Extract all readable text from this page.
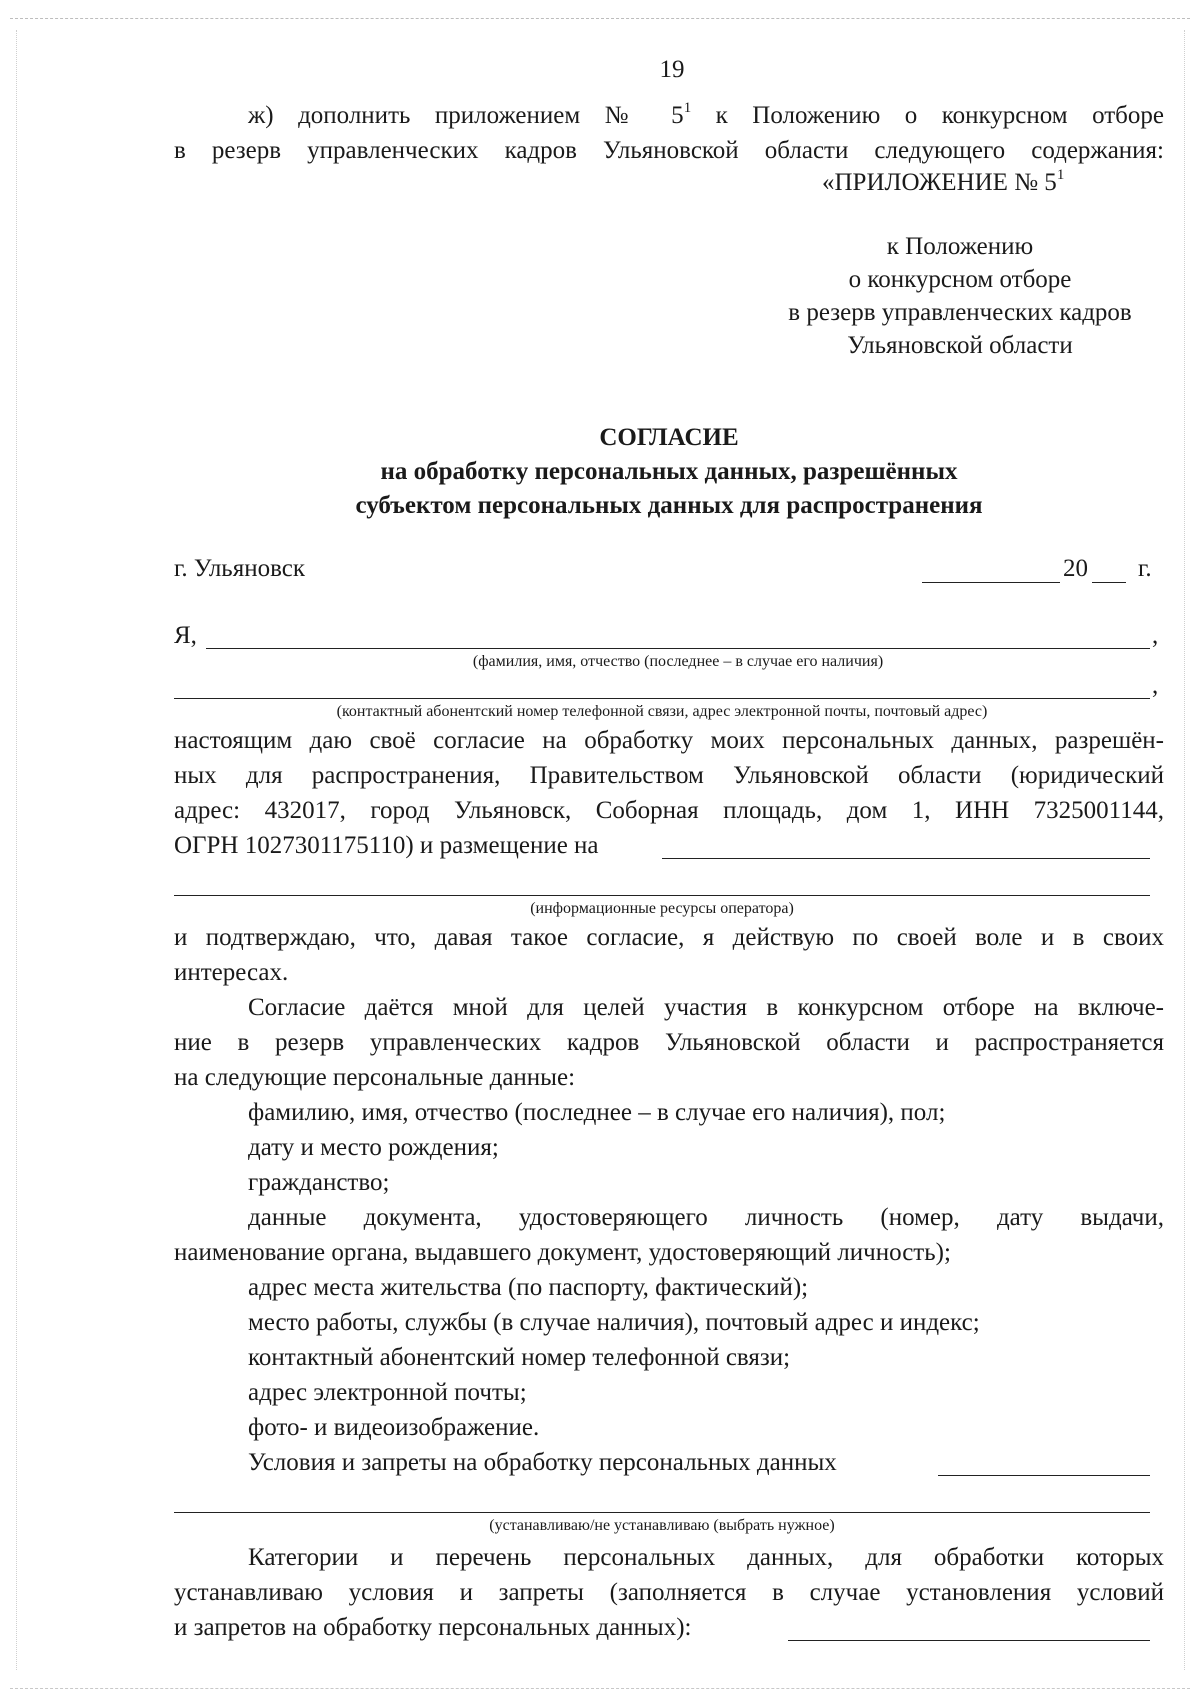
19
ж) дополнить приложением № $5^1$ к Положению о конкурсном отборе
в резерв управленческих кадров Ульяновской области следующего содержания:
«ПРИЛОЖЕНИЕ № $5^1$
к Положению
о конкурсном отборе
в резерв управленческих кадров
Ульяновской области
СОГЛАСИЕ
на обработку персональных данных, разрешённых
субъектом персональных данных для распространения
г. Ульяновск	20 г.
Я,	,
(фамилия, имя, отчество (последнее – в случае его наличия)
,
(контактный абонентский номер телефонной связи, адрес электронной почты, почтовый адрес)
настоящим даю своё согласие на обработку моих персональных данных, разрешён-
ных для распространения, Правительством Ульяновской области (юридический
адрес: 432017, город Ульяновск, Соборная площадь, дом 1, ИНН 7325001144,
ОГРН 1027301175110) и размещение на
(информационные ресурсы оператора)
и подтверждаю, что, давая такое согласие, я действую по своей воле и в своих
интересах.
Согласие даётся мной для целей участия в конкурсном отборе на включе-
ние в резерв управленческих кадров Ульяновской области и распространяется
на следующие персональные данные:
фамилию, имя, отчество (последнее – в случае его наличия), пол;
дату и место рождения;
гражданство;
данные документа, удостоверяющего личность (номер, дату выдачи,
наименование органа, выдавшего документ, удостоверяющий личность);
адрес места жительства (по паспорту, фактический);
место работы, службы (в случае наличия), почтовый адрес и индекс;
контактный абонентский номер телефонной связи;
адрес электронной почты;
фото- и видеоизображение.
Условия и запреты на обработку персональных данных
(устанавливаю/не устанавливаю (выбрать нужное)
Категории и перечень персональных данных, для обработки которых
устанавливаю условия и запреты (заполняется в случае установления условий
и запретов на обработку персональных данных):
